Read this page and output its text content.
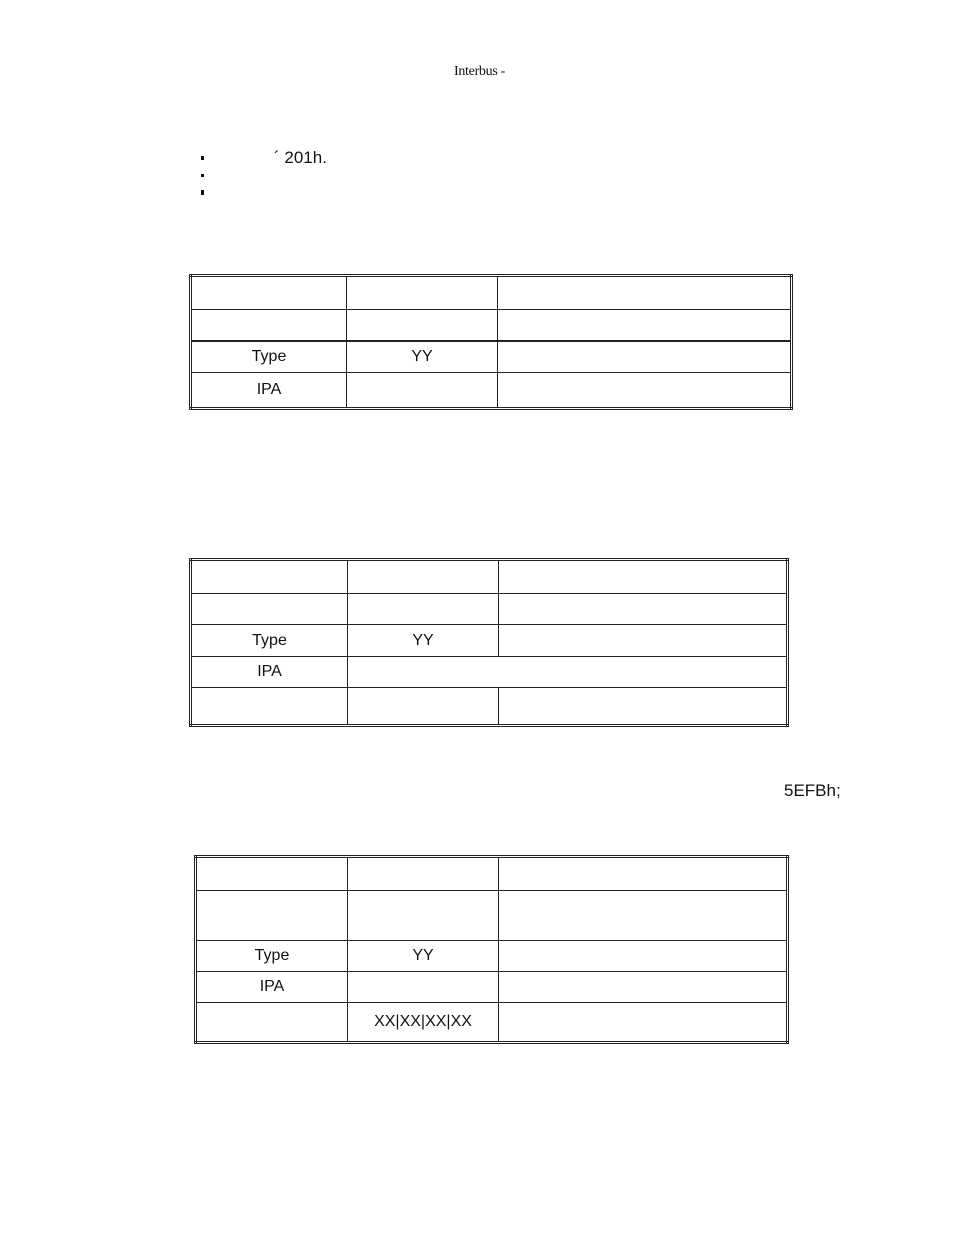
Interbus -
´ 201h.

Type	YY	
IPA		

Type	YY	
IPA		

5EFBh;

Type	YY	
IPA		
	XX|XX|XX|XX	
